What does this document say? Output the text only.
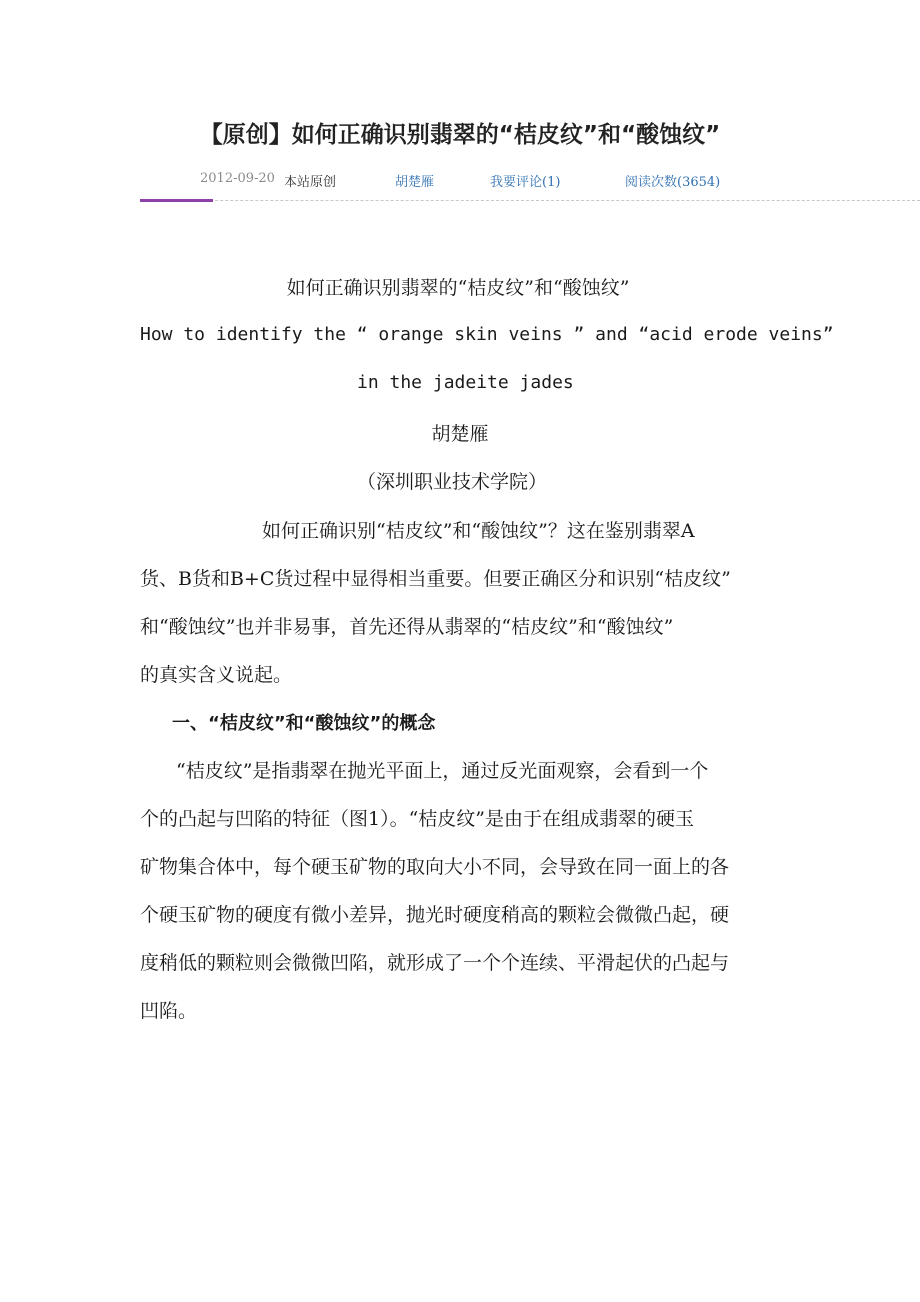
【原创】如何正确识别翡翠的“桔皮纹”和“酸蚀纹”
2012-09-20 本站原创	胡楚雁	我要评论(1)	阅读次数(3654)
如何正确识别翡翠的“桔皮纹”和“酸蚀纹”
How to identify the “ orange skin veins ” and “acid erode veins”
in the jadeite jades
胡楚雁
（深圳职业技术学院）
如何正确识别“桔皮纹”和“酸蚀纹”？这在鉴别翡翠A
货、B货和B+C货过程中显得相当重要。但要正确区分和识别“桔皮纹”
和“酸蚀纹”也并非易事，首先还得从翡翠的“桔皮纹”和“酸蚀纹”
的真实含义说起。
一、“桔皮纹”和“酸蚀纹”的概念
“桔皮纹”是指翡翠在抛光平面上，通过反光面观察，会看到一个
个的凸起与凹陷的特征（图1）。“桔皮纹”是由于在组成翡翠的硬玉
矿物集合体中，每个硬玉矿物的取向大小不同，会导致在同一面上的各
个硬玉矿物的硬度有微小差异，抛光时硬度稍高的颗粒会微微凸起，硬
度稍低的颗粒则会微微凹陷，就形成了一个个连续、平滑起伏的凸起与
凹陷。
